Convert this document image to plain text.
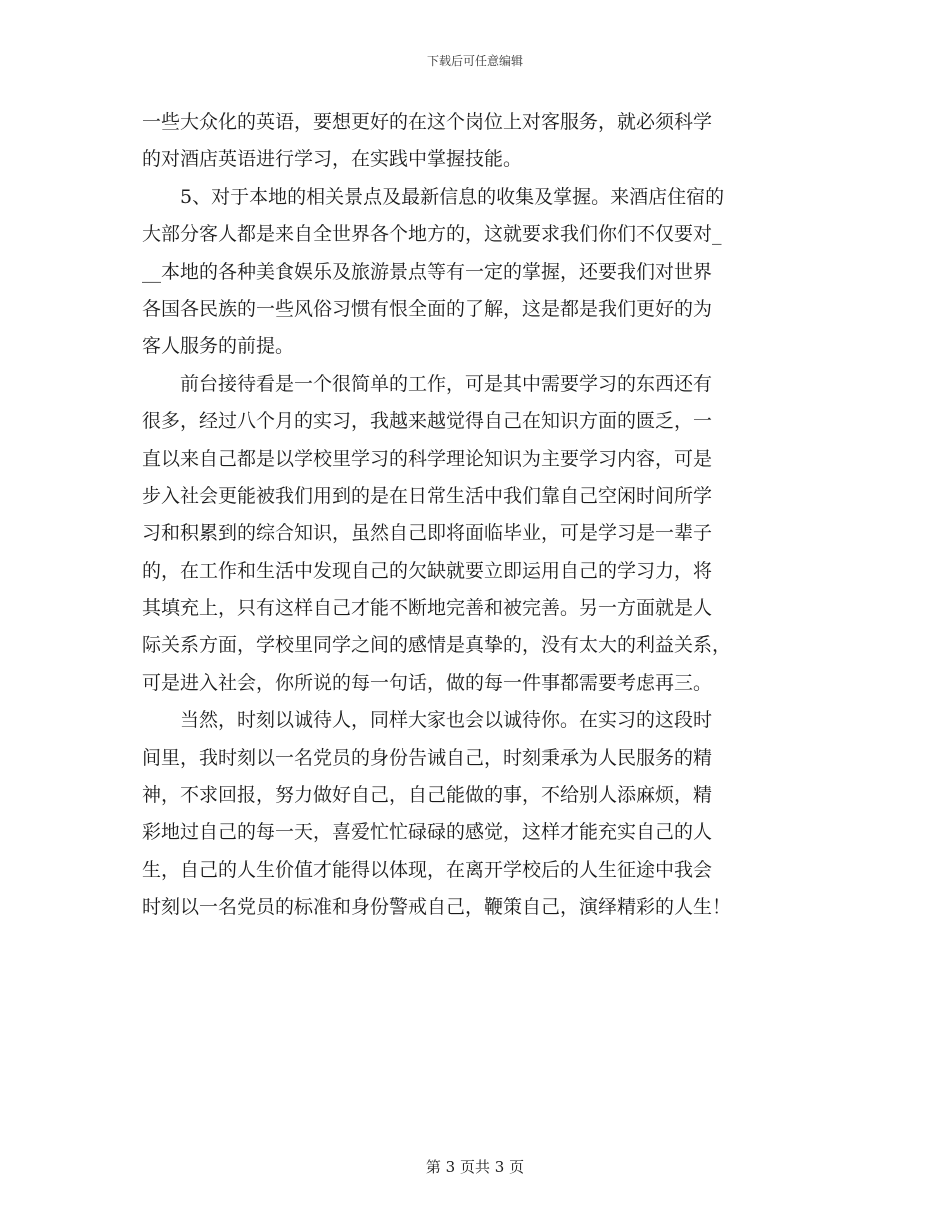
下载后可任意编辑
一些大众化的英语，要想更好的在这个岗位上对客服务，就必须科学
的对酒店英语进行学习，在实践中掌握技能。
5、对于本地的相关景点及最新信息的收集及掌握。来酒店住宿的
大部分客人都是来自全世界各个地方的，这就要求我们你们不仅要对_
__本地的各种美食娱乐及旅游景点等有一定的掌握，还要我们对世界
各国各民族的一些风俗习惯有恨全面的了解，这是都是我们更好的为
客人服务的前提。
前台接待看是一个很简单的工作，可是其中需要学习的东西还有
很多，经过八个月的实习，我越来越觉得自己在知识方面的匮乏，一
直以来自己都是以学校里学习的科学理论知识为主要学习内容，可是
步入社会更能被我们用到的是在日常生活中我们靠自己空闲时间所学
习和积累到的综合知识，虽然自己即将面临毕业，可是学习是一辈子
的，在工作和生活中发现自己的欠缺就要立即运用自己的学习力，将
其填充上，只有这样自己才能不断地完善和被完善。另一方面就是人
际关系方面，学校里同学之间的感情是真挚的，没有太大的利益关系，
可是进入社会，你所说的每一句话，做的每一件事都需要考虑再三。
当然，时刻以诚待人，同样大家也会以诚待你。在实习的这段时
间里，我时刻以一名党员的身份告诫自己，时刻秉承为人民服务的精
神，不求回报，努力做好自己，自己能做的事，不给别人添麻烦，精
彩地过自己的每一天，喜爱忙忙碌碌的感觉，这样才能充实自己的人
生，自己的人生价值才能得以体现，在离开学校后的人生征途中我会
时刻以一名党员的标准和身份警戒自己，鞭策自己，演绎精彩的人生！
第 3 页共 3 页
